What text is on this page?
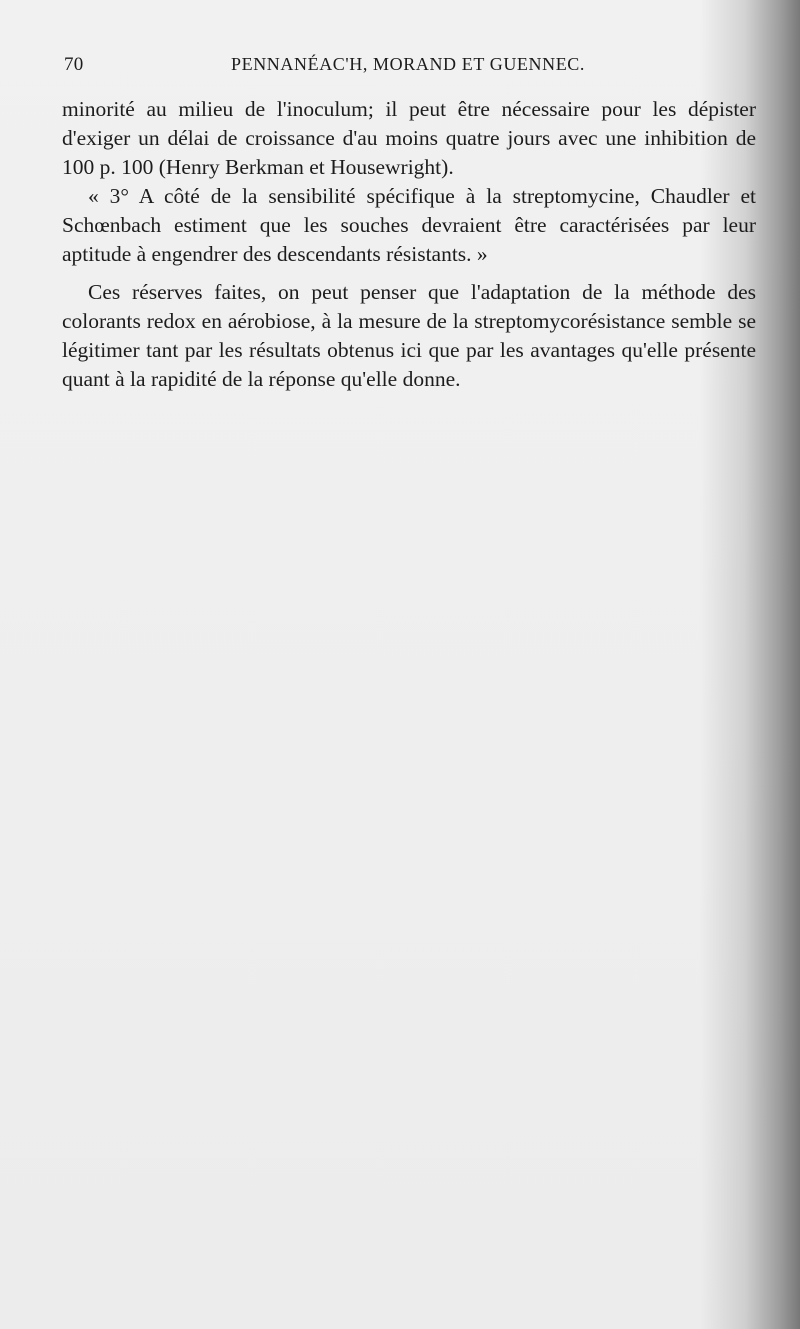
70	PENNANÉAC'H, MORAND ET GUENNEC.

minorité au milieu de l'inoculum; il peut être nécessaire pour les dépister d'exiger un délai de croissance d'au moins quatre jours avec une inhibition de 100 p. 100 (Henry Berkman et Housewright).

« 3° A côté de la sensibilité spécifique à la streptomycine, Chaudler et Schœnbach estiment que les souches devraient être caractérisées par leur aptitude à engendrer des descendants résistants. »

Ces réserves faites, on peut penser que l'adaptation de la méthode des colorants redox en aérobiose, à la mesure de la streptomycorésistance semble se légitimer tant par les résultats obtenus ici que par les avantages qu'elle présente quant à la rapidité de la réponse qu'elle donne.
